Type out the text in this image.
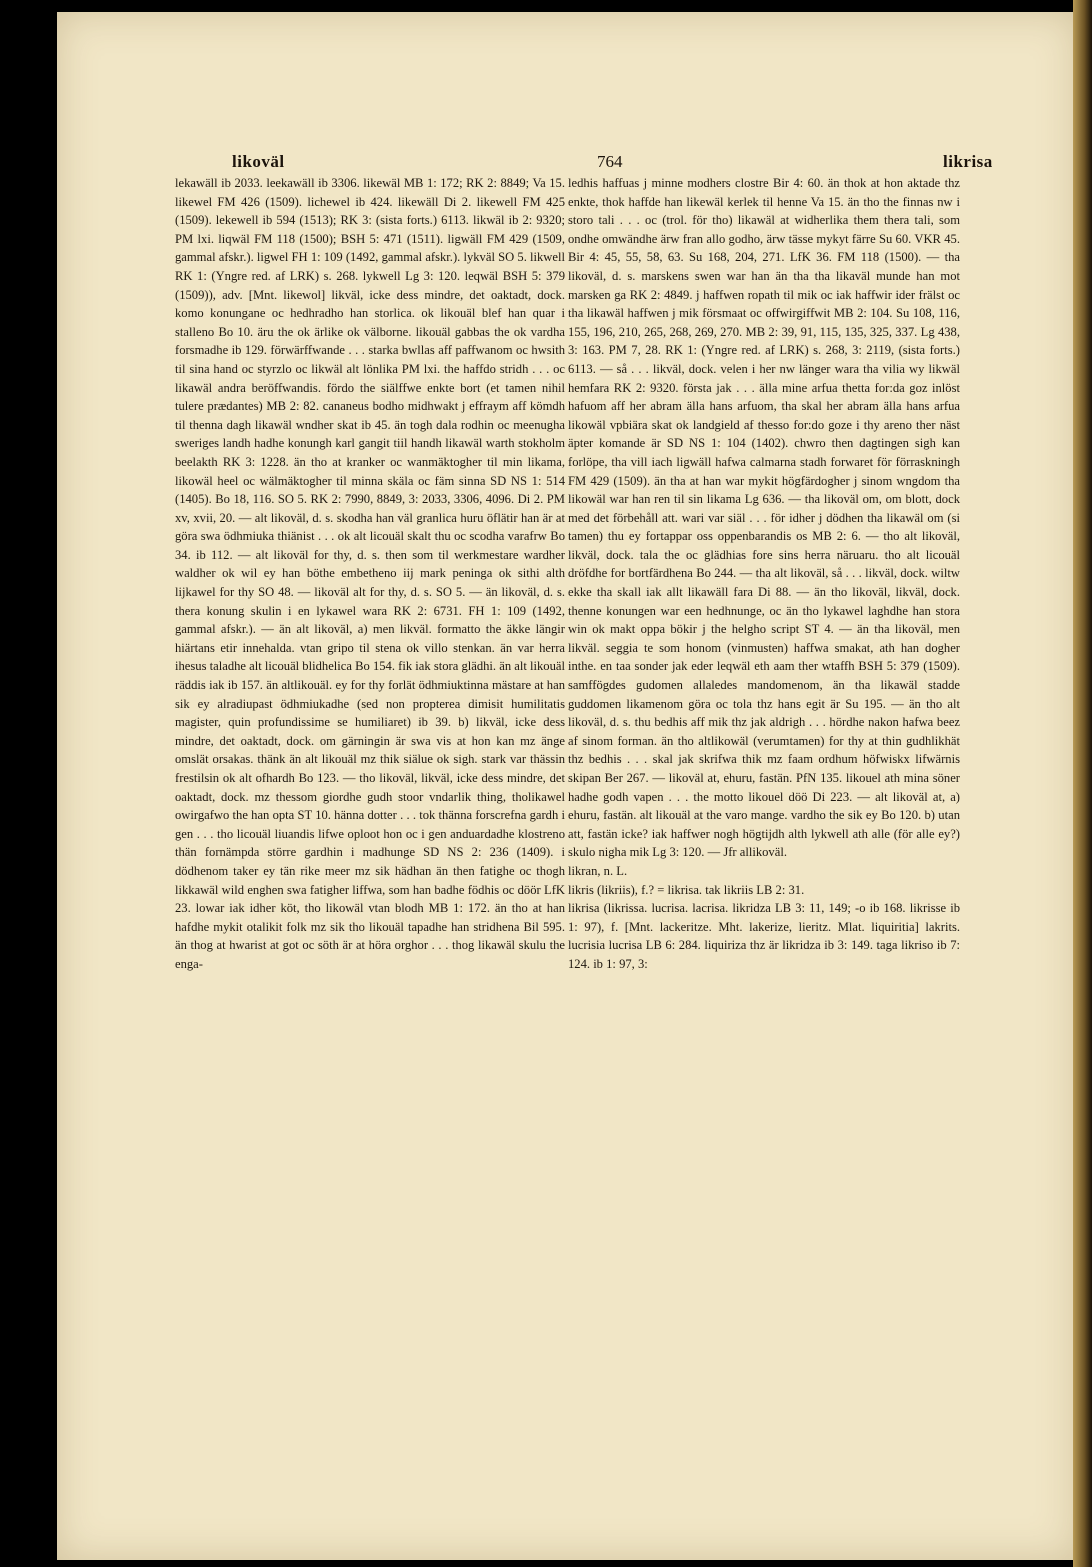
likoväl	764	likrisa

lekawäll ib 2033. leekawäll ib 3306. likewäl MB 1: 172; RK 2: 8849; Va 15. likewel FM 426 (1509). lichewel ib 424. likewäll Di 2. likewell FM 425 (1509). lekewell ib 594 (1513); RK 3: (sista forts.) 6113. likwäl ib 2: 9320; PM lxi. liqwäl FM 118 (1500); BSH 5: 471 (1511). ligwäll FM 429 (1509, gammal afskr.). ligwel FH 1: 109 (1492, gammal afskr.). lykväl SO 5. likwell RK 1: (Yngre red. af LRK) s. 268. lykwell Lg 3: 120. leqwäl BSH 5: 379 (1509)), adv. [Mnt. likewol] likväl, icke dess mindre, det oaktadt, dock. komo konungane oc hedhradho han storlica. ok likouäl blef han quar i stalleno Bo 10. äru the ok ärlike ok välborne. likouäl gabbas the ok vardha forsmadhe ib 129. förwärffwande . . . starka bwllas aff paffwanom oc hwsith til sina hand oc styrzlo oc likwäl alt lönlika PM lxi. the haffdo stridh . . . oc likawäl andra beröffwandis. fördo the siälffwe enkte bort (et tamen nihil tulere prædantes) MB 2: 82. cananeus bodho midhwakt j effraym aff kömdh til thenna dagh likawäl wndher skat ib 45. än togh dala rodhin oc meenugha sweriges landh hadhe konungh karl gangit tiil handh likawäl warth stokholm beelakth RK 3: 1228. än tho at kranker oc wanmäktogher til min likama, likowäl heel oc wälmäktogher til minna skäla oc fäm sinna SD NS 1: 514 (1405). Bo 18, 116. SO 5. RK 2: 7990, 8849, 3: 2033, 3306, 4096. Di 2. PM xv, xvii, 20. — alt likoväl, d. s. skodha han väl granlica huru öflätir han är at göra swa ödhmiuka thiänist . . . ok alt licouäl skalt thu oc scodha varafrw Bo 34. ib 112. — alt likoväl for thy, d. s. then som til werkmestare wardher waldher ok wil ey han böthe embetheno iij mark peninga ok sithi alth lijkawel for thy SO 48. — likoväl alt for thy, d. s. SO 5. — än likoväl, d. s. thera konung skulin i en lykawel wara RK 2: 6731. FH 1: 109 (1492, gammal afskr.). — än alt likoväl, a) men likväl. formatto the äkke längir hiärtans etir innehalda. vtan gripo til stena ok villo stenkan. än var herra ihesus taladhe alt licouäl blidhelica Bo 154. fik iak stora glädhi. än alt likouäl räddis iak ib 157. än altlikouäl. ey for thy forlät ödhmiuktinna mästare at han sik ey alradiupast ödhmiukadhe (sed non propterea dimisit humilitatis magister, quin profundissime se humiliaret) ib 39. b) likväl, icke dess mindre, det oaktadt, dock. om gärningin är swa vis at hon kan mz änge omslät orsakas. thänk än alt likouäl mz thik siälue ok sigh. stark var thässin frestilsin ok alt ofhardh Bo 123. — tho likoväl, likväl, icke dess mindre, det oaktadt, dock. mz thessom giordhe gudh stoor vndarlik thing, tholikawel owirgafwo the han opta ST 10. hänna dotter . . . tok thänna forscrefna gardh i gen . . . tho licouäl liuandis lifwe oploot hon oc i gen anduardadhe klostreno thän fornämpda större gardhin i madhunge SD NS 2: 236 (1409). i dödhenom taker ey tän rike meer mz sik hädhan än then fatighe oc thogh likkawäl wild enghen swa fatigher liffwa, som han badhe födhis oc döör LfK 23. lowar iak idher köt, tho likowäl vtan blodh MB 1: 172. än tho at han hafdhe mykit otalikit folk mz sik tho likouäl tapadhe han stridhena Bil 595. än thog at hwarist at got oc söth är at höra orghor . . . thog likawäl skulu the enga-

ledhis haffuas j minne modhers clostre Bir 4: 60. än thok at hon aktade thz enkte, thok haffde han likewäl kerlek til henne Va 15. än tho the finnas nw i storo tali . . . oc (trol. för tho) likawäl at widherlika them thera tali, som ondhe omwändhe ärw fran allo godho, ärw tässe mykyt färre Su 60. VKR 45. Bir 4: 45, 55, 58, 63. Su 168, 204, 271. LfK 36. FM 118 (1500). — tha likoväl, d. s. marskens swen war han än tha tha likaväl munde han mot marsken ga RK 2: 4849. j haffwen ropath til mik oc iak haffwir ider frälst oc tha likawäl haffwen j mik försmaat oc offwirgiffwit MB 2: 104. Su 108, 116, 155, 196, 210, 265, 268, 269, 270. MB 2: 39, 91, 115, 135, 325, 337. Lg 438, 3: 163. PM 7, 28. RK 1: (Yngre red. af LRK) s. 268, 3: 2119, (sista forts.) 6113. — så . . . likväl, dock. velen i her nw länger wara tha vilia wy likwäl hemfara RK 2: 9320. första jak . . . älla mine arfua thetta for:da goz inlöst hafuom aff her abram älla hans arfuom, tha skal her abram älla hans arfua likowäl vpbiära skat ok landgield af thesso for:do goze i thy areno ther näst äpter komande är SD NS 1: 104 (1402). chwro then dagtingen sigh kan forlöpe, tha vill iach ligwäll hafwa calmarna stadh forwaret för förraskningh FM 429 (1509). än tha at han war mykit högfärdogher j sinom wngdom tha likowäl war han ren til sin likama Lg 636. — tha likoväl om, om blott, dock med det förbehåll att. wari var siäl . . . för idher j dödhen tha likawäl om (si tamen) thu ey fortappar oss oppenbarandis os MB 2: 6. — tho alt likoväl, likväl, dock. tala the oc glädhias fore sins herra näruaru. tho alt licouäl dröfdhe for bortfärdhena Bo 244. — tha alt likoväl, så . . . likväl, dock. wiltw ekke tha skall iak allt likawäll fara Di 88. — än tho likoväl, likväl, dock. thenne konungen war een hedhnunge, oc än tho lykawel laghdhe han stora win ok makt oppa bökir j the helgho script ST 4. — än tha likoväl, men likväl. seggia te som honom (vinmusten) haffwa smakat, ath han dogher inthe. en taa sonder jak eder leqwäl eth aam ther wtaffh BSH 5: 379 (1509). samffögdes gudomen allaledes mandomenom, än tha likawäl stadde guddomen likamenom göra oc tola thz hans egit är Su 195. — än tho alt likoväl, d. s. thu bedhis aff mik thz jak aldrigh . . . hördhe nakon hafwa beez af sinom forman. än tho altlikowäl (verumtamen) for thy at thin gudhlikhät thz bedhis . . . skal jak skrifwa thik mz faam ordhum höfwiskx lifwärnis skipan Ber 267. — likoväl at, ehuru, fastän. PfN 135. likouel ath mina söner hadhe godh vapen . . . the motto likouel döö Di 223. — alt likoväl at, a) ehuru, fastän. alt likouäl at the varo mange. vardho the sik ey Bo 120. b) utan att, fastän icke? iak haffwer nogh högtijdh alth lykwell ath alle (för alle ey?) skulo nigha mik Lg 3: 120. — Jfr allikoväl.

likran, n. L.

likris (likriis), f.? = likrisa. tak likriis LB 2: 31.

likrisa (likrissa. lucrisa. lacrisa. likridza LB 3: 11, 149; -o ib 168. likrisse ib 1: 97), f. [Mnt. lackeritze. Mht. lakerize, lieritz. Mlat. liquiritia] lakrits. lucrisia lucrisa LB 6: 284. liquiriza thz är likridza ib 3: 149. taga likriso ib 7: 124. ib 1: 97, 3:
